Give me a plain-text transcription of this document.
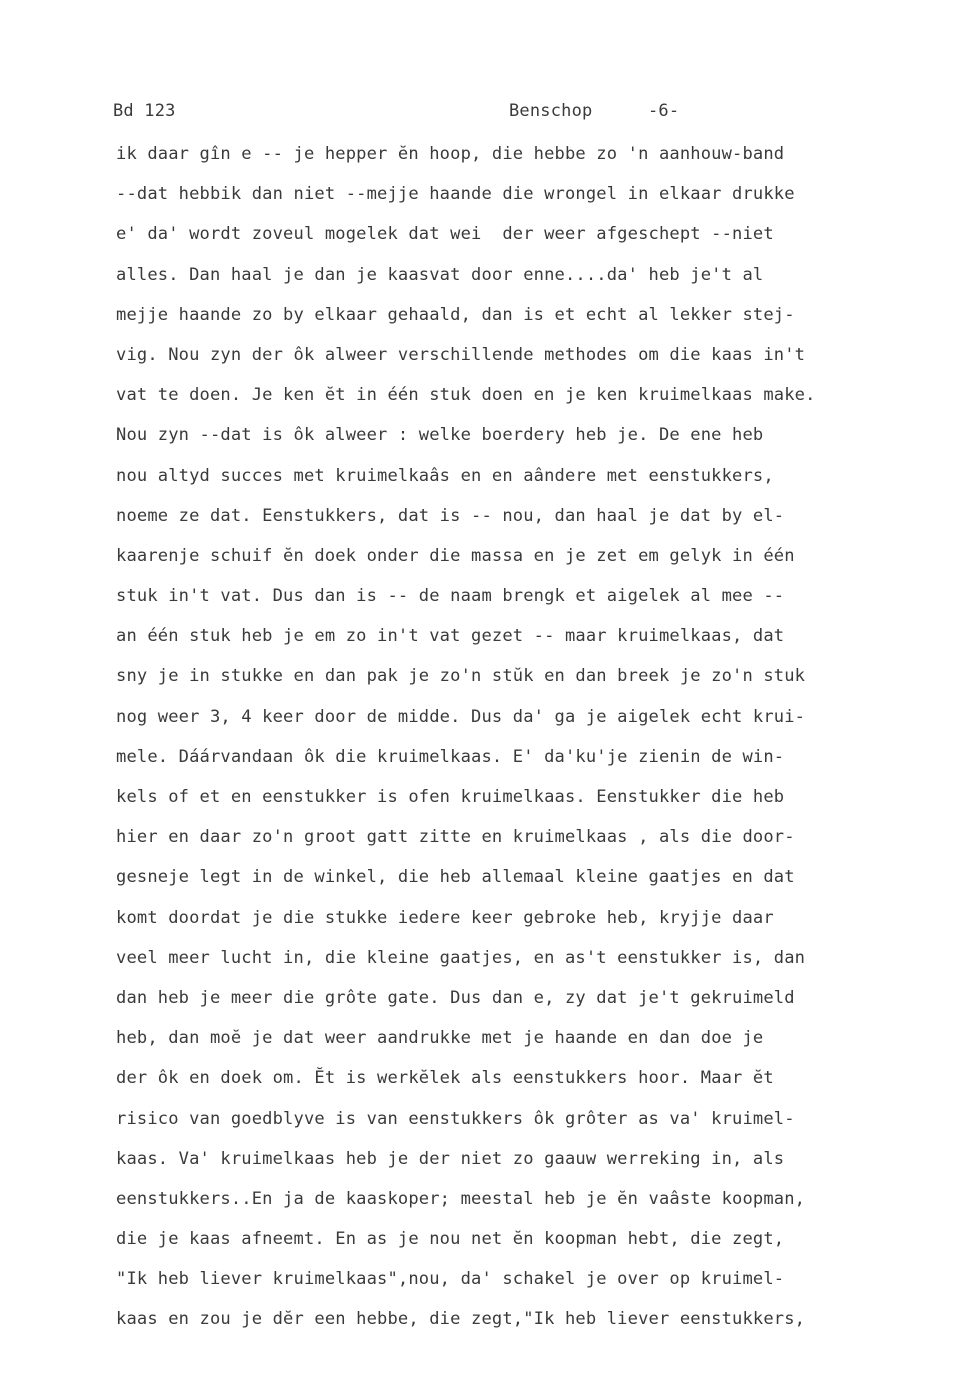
Bd 123	Benschop	-6-
ik daar gîn e -- je hepper ĕn hoop, die hebbe zo 'n aanhouw-band
--dat hebbik dan niet --mejje haande die wrongel in elkaar drukke
e' da' wordt zoveul mogelek dat wei  der weer afgeschept --niet
alles. Dan haal je dan je kaasvat door enne....da' heb je't al
mejje haande zo by elkaar gehaald, dan is et echt al lekker stej-
vig. Nou zyn der ôk alweer verschillende methodes om die kaas in't
vat te doen. Je ken ĕt in één stuk doen en je ken kruimelkaas make.
Nou zyn --dat is ôk alweer : welke boerdery heb je. De ene heb
nou altyd succes met kruimelkaâs en en aândere met eenstukkers,
noeme ze dat. Eenstukkers, dat is -- nou, dan haal je dat by el-
kaarenje schuif ĕn doek onder die massa en je zet em gelyk in één
stuk in't vat. Dus dan is -- de naam brengk et aigelek al mee --
an één stuk heb je em zo in't vat gezet -- maar kruimelkaas, dat
sny je in stukke en dan pak je zo'n stŭk en dan breek je zo'n stuk
nog weer 3, 4 keer door de midde. Dus da' ga je aigelek echt krui-
mele. Dáárvandaan ôk die kruimelkaas. E' da'ku'je zienin de win-
kels of et en eenstukker is ofen kruimelkaas. Eenstukker die heb
hier en daar zo'n groot gatt zitte en kruimelkaas , als die door-
gesneje legt in de winkel, die heb allemaal kleine gaatjes en dat
komt doordat je die stukke iedere keer gebroke heb, kryjje daar
veel meer lucht in, die kleine gaatjes, en as't eenstukker is, dan
dan heb je meer die grôte gate. Dus dan e, zy dat je't gekruimeld
heb, dan moĕ je dat weer aandrukke met je haande en dan doe je
der ôk en doek om. Ĕt is werkĕlek als eenstukkers hoor. Maar ĕt
risico van goedblyve is van eenstukkers ôk grôter as va' kruimel-
kaas. Va' kruimelkaas heb je der niet zo gaauw werreking in, als
eenstukkers..En ja de kaaskoper; meestal heb je ĕn vaâste koopman,
die je kaas afneemt. En as je nou net ĕn koopman hebt, die zegt,
"Ik heb liever kruimelkaas",nou, da' schakel je over op kruimel-
kaas en zou je dĕr een hebbe, die zegt,"Ik heb liever eenstukkers,
